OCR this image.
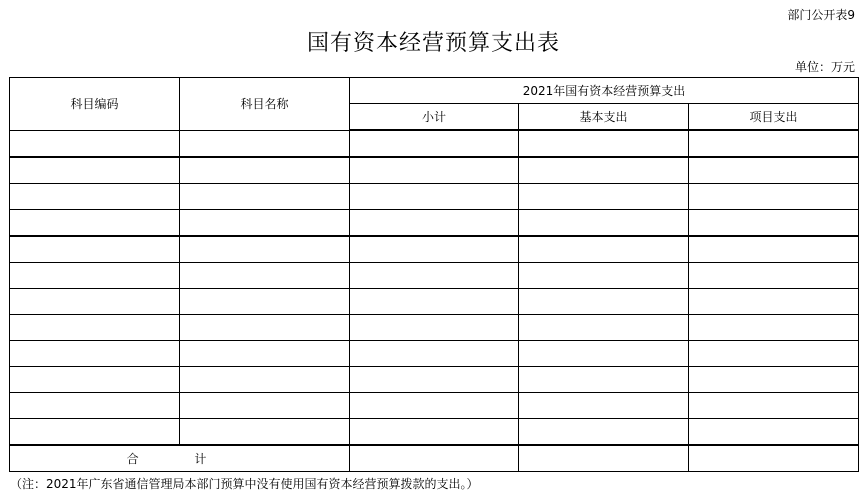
部门公开表9
国有资本经营预算支出表
单位：万元
科目编码	科目名称	2021年国有资本经营预算支出		
		小计	基本支出	项目支出

合 计				
（注：2021年广东省通信管理局本部门预算中没有使用国有资本经营预算拨款的支出。）
